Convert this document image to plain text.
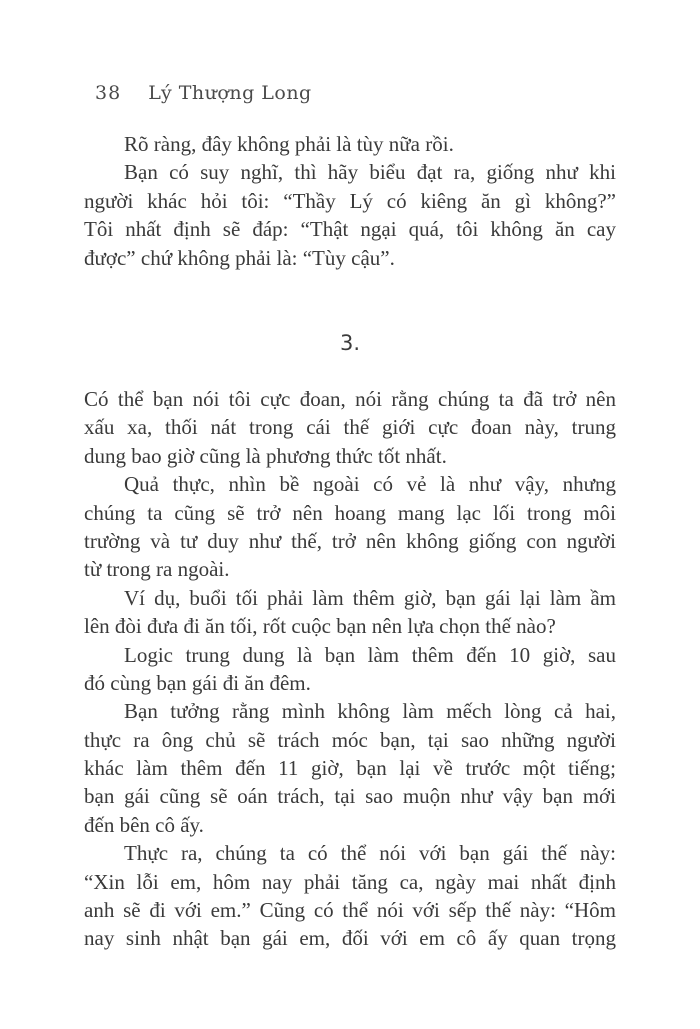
38 Lý Thượng Long
Rõ ràng, đây không phải là tùy nữa rồi.
Bạn có suy nghĩ, thì hãy biểu đạt ra, giống như khi
người khác hỏi tôi: “Thầy Lý có kiêng ăn gì không?”
Tôi nhất định sẽ đáp: “Thật ngại quá, tôi không ăn cay
được” chứ không phải là: “Tùy cậu”.
3.
Có thể bạn nói tôi cực đoan, nói rằng chúng ta đã trở nên
xấu xa, thối nát trong cái thế giới cực đoan này, trung
dung bao giờ cũng là phương thức tốt nhất.
Quả thực, nhìn bề ngoài có vẻ là như vậy, nhưng
chúng ta cũng sẽ trở nên hoang mang lạc lối trong môi
trường và tư duy như thế, trở nên không giống con người
từ trong ra ngoài.
Ví dụ, buổi tối phải làm thêm giờ, bạn gái lại làm ầm
lên đòi đưa đi ăn tối, rốt cuộc bạn nên lựa chọn thế nào?
Logic trung dung là bạn làm thêm đến 10 giờ, sau
đó cùng bạn gái đi ăn đêm.
Bạn tưởng rằng mình không làm mếch lòng cả hai,
thực ra ông chủ sẽ trách móc bạn, tại sao những người
khác làm thêm đến 11 giờ, bạn lại về trước một tiếng;
bạn gái cũng sẽ oán trách, tại sao muộn như vậy bạn mới
đến bên cô ấy.
Thực ra, chúng ta có thể nói với bạn gái thế này:
“Xin lỗi em, hôm nay phải tăng ca, ngày mai nhất định
anh sẽ đi với em.” Cũng có thể nói với sếp thế này: “Hôm
nay sinh nhật bạn gái em, đối với em cô ấy quan trọng
